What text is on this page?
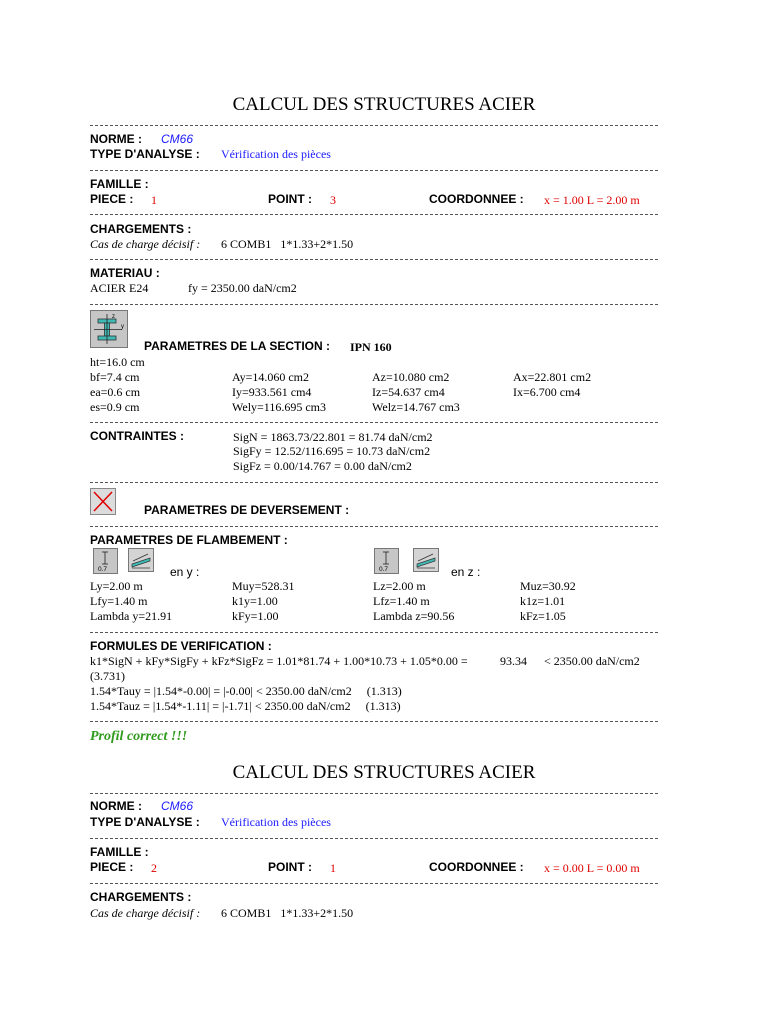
CALCUL DES STRUCTURES ACIER
NORME : CM66
TYPE D'ANALYSE : Vérification des pièces
FAMILLE :
PIECE : 1	POINT : 3	COORDONNEE : x = 1.00 L = 2.00 m
CHARGEMENTS :
Cas de charge décisif : 6 COMB1   1*1.33+2*1.50
MATERIAU :
ACIER E24	fy = 2350.00 daN/cm2
z
y
PARAMETRES DE LA SECTION : IPN 160
ht=16.0 cm
bf=7.4 cm	Ay=14.060 cm2	Az=10.080 cm2	Ax=22.801 cm2
ea=0.6 cm	Iy=933.561 cm4	Iz=54.637 cm4	Ix=6.700 cm4
es=0.9 cm	Wely=116.695 cm3	Welz=14.767 cm3
CONTRAINTES :	SigN = 1863.73/22.801 = 81.74 daN/cm2
SigFy = 12.52/116.695 = 10.73 daN/cm2
SigFz = 0.00/14.767 = 0.00 daN/cm2
PARAMETRES DE DEVERSEMENT :
PARAMETRES DE FLAMBEMENT :
0.7	en y :	0.7	en z :
Ly=2.00 m	Muy=528.31	Lz=2.00 m	Muz=30.92
Lfy=1.40 m	k1y=1.00	Lfz=1.40 m	k1z=1.01
Lambda y=21.91	kFy=1.00	Lambda z=90.56	kFz=1.05
FORMULES DE VERIFICATION :
k1*SigN + kFy*SigFy + kFz*SigFz = 1.01*81.74 + 1.00*10.73 + 1.05*0.00 =	93.34 < 2350.00 daN/cm2
(3.731)
1.54*Tauy = |1.54*-0.00| = |-0.00| < 2350.00 daN/cm2     (1.313)
1.54*Tauz = |1.54*-1.11| = |-1.71| < 2350.00 daN/cm2     (1.313)
Profil correct !!!
CALCUL DES STRUCTURES ACIER
NORME : CM66
TYPE D'ANALYSE : Vérification des pièces
FAMILLE :
PIECE : 2	POINT : 1	COORDONNEE : x = 0.00 L = 0.00 m
CHARGEMENTS :
Cas de charge décisif : 6 COMB1   1*1.33+2*1.50
